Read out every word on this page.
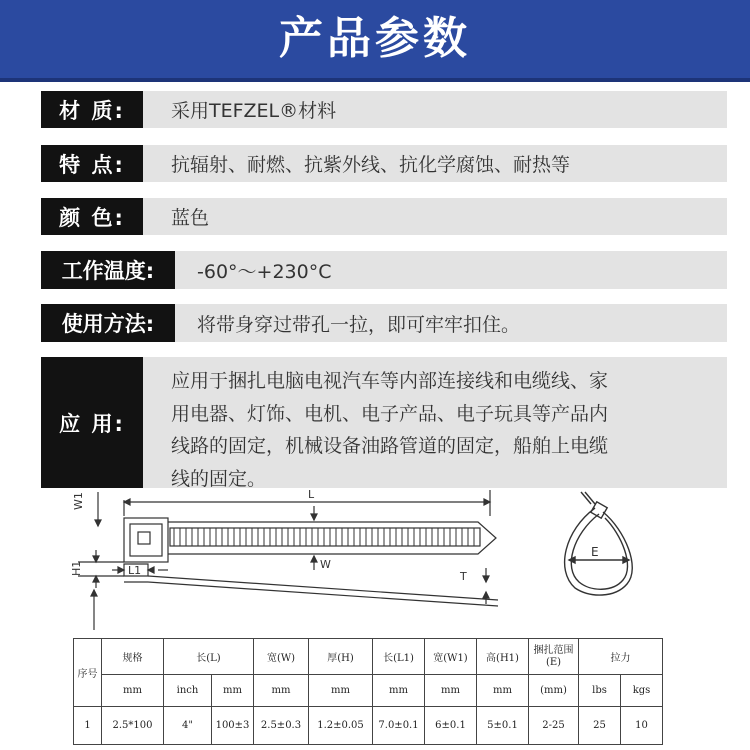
产品参数
材 质:	采用TEFZEL®材料
特 点:	抗辐射、耐燃、抗紫外线、抗化学腐蚀、耐热等
颜 色:	蓝色
工作温度:	-60°～+230°C
使用方法:	将带身穿过带孔一拉，即可牢牢扣住。
应 用:
应用于捆扎电脑电视汽车等内部连接线和电缆线、家
用电器、灯饰、电机、电子产品、电子玩具等产品内
线路的固定，机械设备油路管道的固定，船舶上电缆
线的固定。
L
W1
H1	L1	W
T
E
序号	规格	长(L)		宽(W)	厚(H)	长(L1)	宽(W1)	高(H1)	捆扎范围(E)	拉力	
	mm	inch	mm	mm	mm	mm	mm	mm	(mm)	lbs	kgs
1	2.5*100	4"	100±3	2.5±0.3	1.2±0.05	7.0±0.1	6±0.1	5±0.1	2-25	25	10
